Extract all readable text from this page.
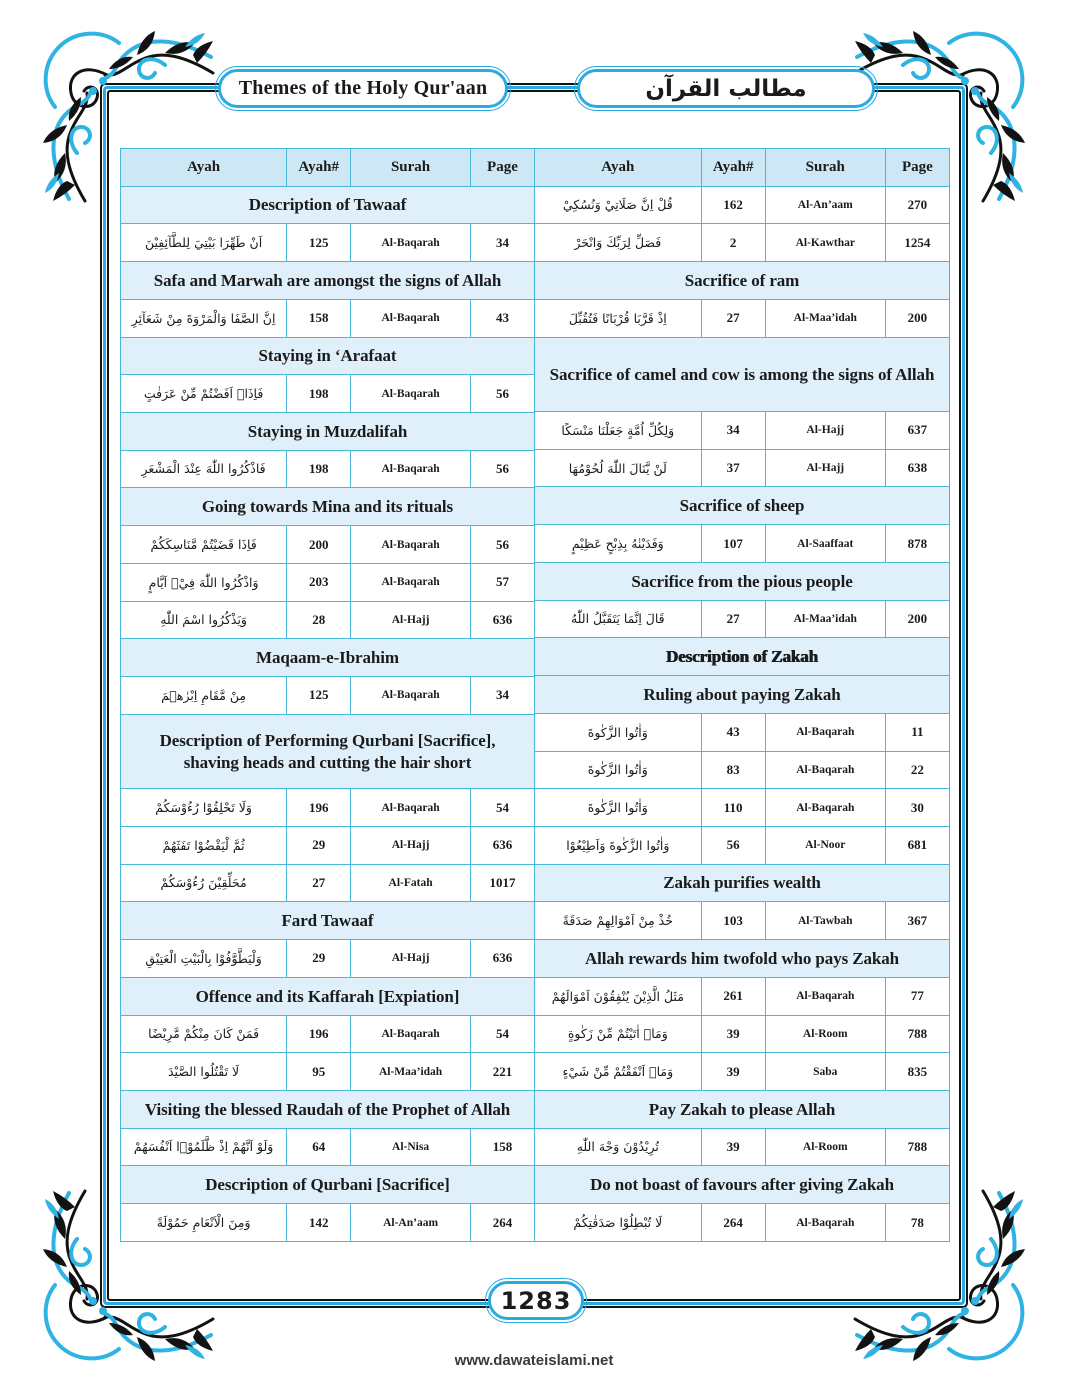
Themes of the Holy Qur'aan	مطالب القرآن
Ayah	Ayah#	Surah	Page
Description of Tawaaf
اَنْ طَهِّرَا بَيْتِيَ لِلطَّآئِفِيْنَ	125	Al-Baqarah	34
Safa and Marwah are amongst the signs of Allah
اِنَّ الصَّفَا وَالْمَرْوَةَ مِنْ شَعَآئِرِ	158	Al-Baqarah	43
Staying in ‘Arafaat
فَاِذَاۤ اَفَضْتُمْ مِّنْ عَرَفٰتٍ	198	Al-Baqarah	56
Staying in Muzdalifah
فَاذْكُرُوا اللّٰهَ عِنْدَ الْمَشْعَرِ	198	Al-Baqarah	56
Going towards Mina and its rituals
فَاِذَا قَضَيْتُمْ مَّنَاسِكَكُمْ	200	Al-Baqarah	56
وَاذْكُرُوا اللّٰهَ فِيْۤ اَيَّامٍ	203	Al-Baqarah	57
وَيَذْكُرُوا اسْمَ اللّٰهِ	28	Al-Hajj	636
Maqaam-e-Ibrahim
مِنْ مَّقَامِ اِبْرٰهٖمَ	125	Al-Baqarah	34
Description of Performing Qurbani [Sacrifice], shaving heads and cutting the hair short
وَلَا تَحْلِقُوْا رُءُوْسَكُمْ	196	Al-Baqarah	54
ثُمَّ لْيَقْضُوْا تَفَثَهُمْ	29	Al-Hajj	636
مُحَلِّقِيْنَ رُءُوْسَكُمْ	27	Al-Fatah	1017
Fard Tawaaf
وَلْيَطَّوَّفُوْا بِالْبَيْتِ الْعَتِيْقِ	29	Al-Hajj	636
Offence and its Kaffarah [Expiation]
فَمَنْ كَانَ مِنْكُمْ مَّرِيْضًا	196	Al-Baqarah	54
لَا تَقْتُلُوا الصَّيْدَ	95	Al-Maa’idah	221
Visiting the blessed Raudah of the Prophet of Allah
وَلَوْ اَنَّهُمْ اِذْ ظَّلَمُوْۤا اَنْفُسَهُمْ	64	Al-Nisa	158
Description of Qurbani [Sacrifice]
وَمِنَ الْاَنْعَامِ حَمُوْلَةً	142	Al-An’aam	264
Ayah	Ayah#	Surah	Page
قُلْ اِنَّ صَلَاتِيْ وَنُسُكِيْ	162	Al-An’aam	270
فَصَلِّ لِرَبِّكَ وَانْحَرْ	2	Al-Kawthar	1254
Sacrifice of ram
اِذْ قَرَّبَا قُرْبَانًا فَتُقُبِّلَ	27	Al-Maa’idah	200
Sacrifice of camel and cow is among the signs of Allah
وَلِكُلِّ اُمَّةٍ جَعَلْنَا مَنْسَكًا	34	Al-Hajj	637
لَنْ يَّنَالَ اللّٰهَ لُحُوْمُهَا	37	Al-Hajj	638
Sacrifice of sheep
وَفَدَيْنٰهُ بِذِبْحٍ عَظِيْمٍ	107	Al-Saaffaat	878
Sacrifice from the pious people
قَالَ اِنَّمَا يَتَقَبَّلُ اللّٰهُ	27	Al-Maa’idah	200
Description of Zakah
Ruling about paying Zakah
وَاٰتُوا الزَّكٰوةَ	43	Al-Baqarah	11
وَاٰتُوا الزَّكٰوةَ	83	Al-Baqarah	22
وَاٰتُوا الزَّكٰوةَ	110	Al-Baqarah	30
وَاٰتُوا الزَّكٰوةَ وَاَطِيْعُوْا	56	Al-Noor	681
Zakah purifies wealth
خُذْ مِنْ اَمْوَالِهِمْ صَدَقَةً	103	Al-Tawbah	367
Allah rewards him twofold who pays Zakah
مَثَلُ الَّذِيْنَ يُنْفِقُوْنَ اَمْوَالَهُمْ	261	Al-Baqarah	77
وَمَاۤ اٰتَيْتُمْ مِّنْ زَكٰوةٍ	39	Al-Room	788
وَمَاۤ اَنْفَقْتُمْ مِّنْ شَيْءٍ	39	Saba	835
Pay Zakah to please Allah
تُرِيْدُوْنَ وَجْهَ اللّٰهِ	39	Al-Room	788
Do not boast of favours after giving Zakah
لَا تُبْطِلُوْا صَدَقٰتِكُمْ	264	Al-Baqarah	78
1283
www.dawateislami.net
